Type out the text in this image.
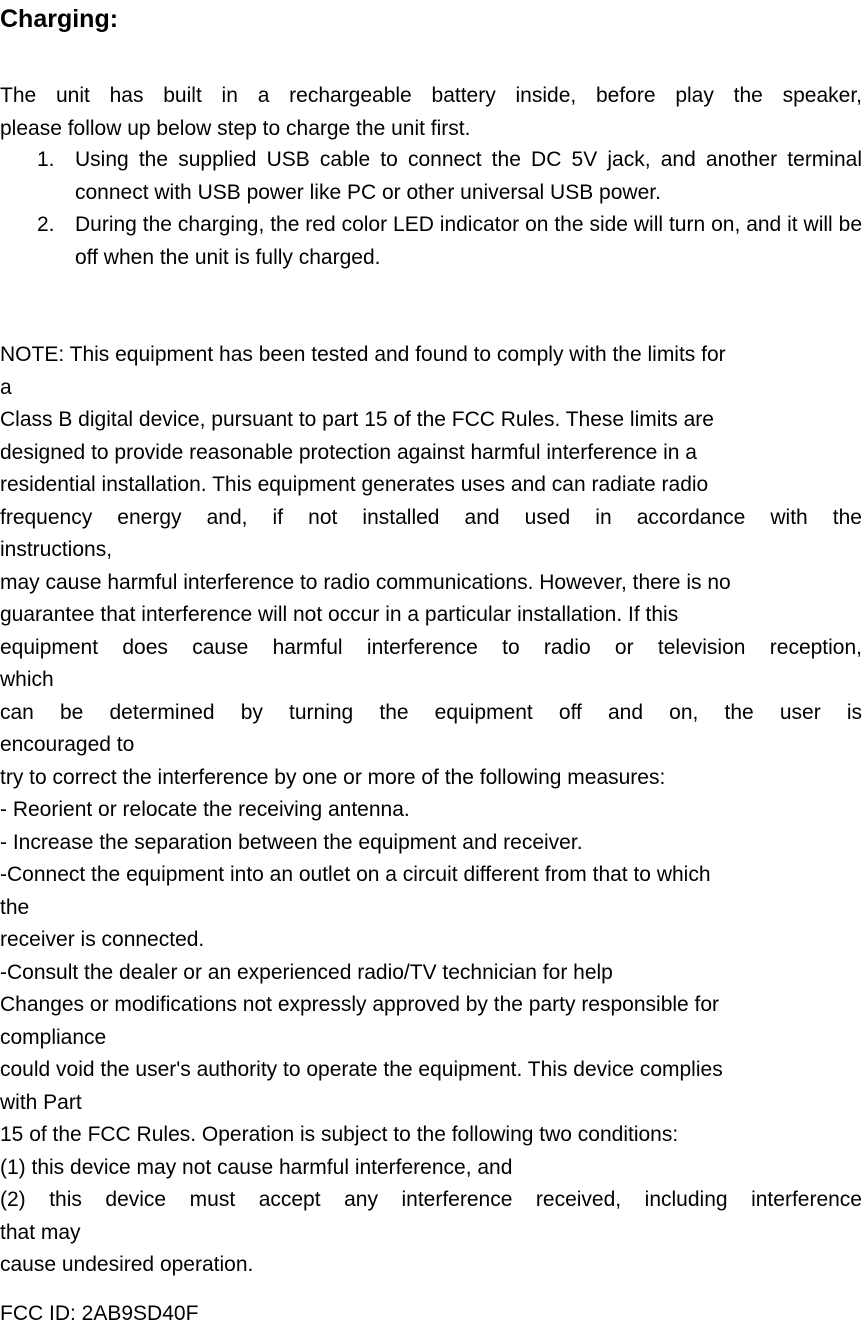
Charging:
The unit has built in a rechargeable battery inside, before play the speaker,
please follow up below step to charge the unit first.
1. Using the supplied USB cable to connect the DC 5V jack, and another terminal connect with USB power like PC or other universal USB power.
2. During the charging, the red color LED indicator on the side will turn on, and it will be off when the unit is fully charged.
NOTE: This equipment has been tested and found to comply with the limits for
a
Class B digital device, pursuant to part 15 of the FCC Rules. These limits are
designed to provide reasonable protection against harmful interference in a
residential installation. This equipment generates uses and can radiate radio
frequency energy and, if not installed and used in accordance with the
instructions,
may cause harmful interference to radio communications. However, there is no
guarantee that interference will not occur in a particular installation. If this
equipment does cause harmful interference to radio or television reception,
which
can be determined by turning the equipment off and on, the user is
encouraged to
try to correct the interference by one or more of the following measures:
- Reorient or relocate the receiving antenna.
- Increase the separation between the equipment and receiver.
-Connect the equipment into an outlet on a circuit different from that to which
the
receiver is connected.
-Consult the dealer or an experienced radio/TV technician for help
Changes or modifications not expressly approved by the party responsible for
compliance
could void the user's authority to operate the equipment. This device complies
with Part
15 of the FCC Rules. Operation is subject to the following two conditions:
(1) this device may not cause harmful interference, and
(2) this device must accept any interference received, including interference
that may
cause undesired operation.
FCC ID: 2AB9SD40F
